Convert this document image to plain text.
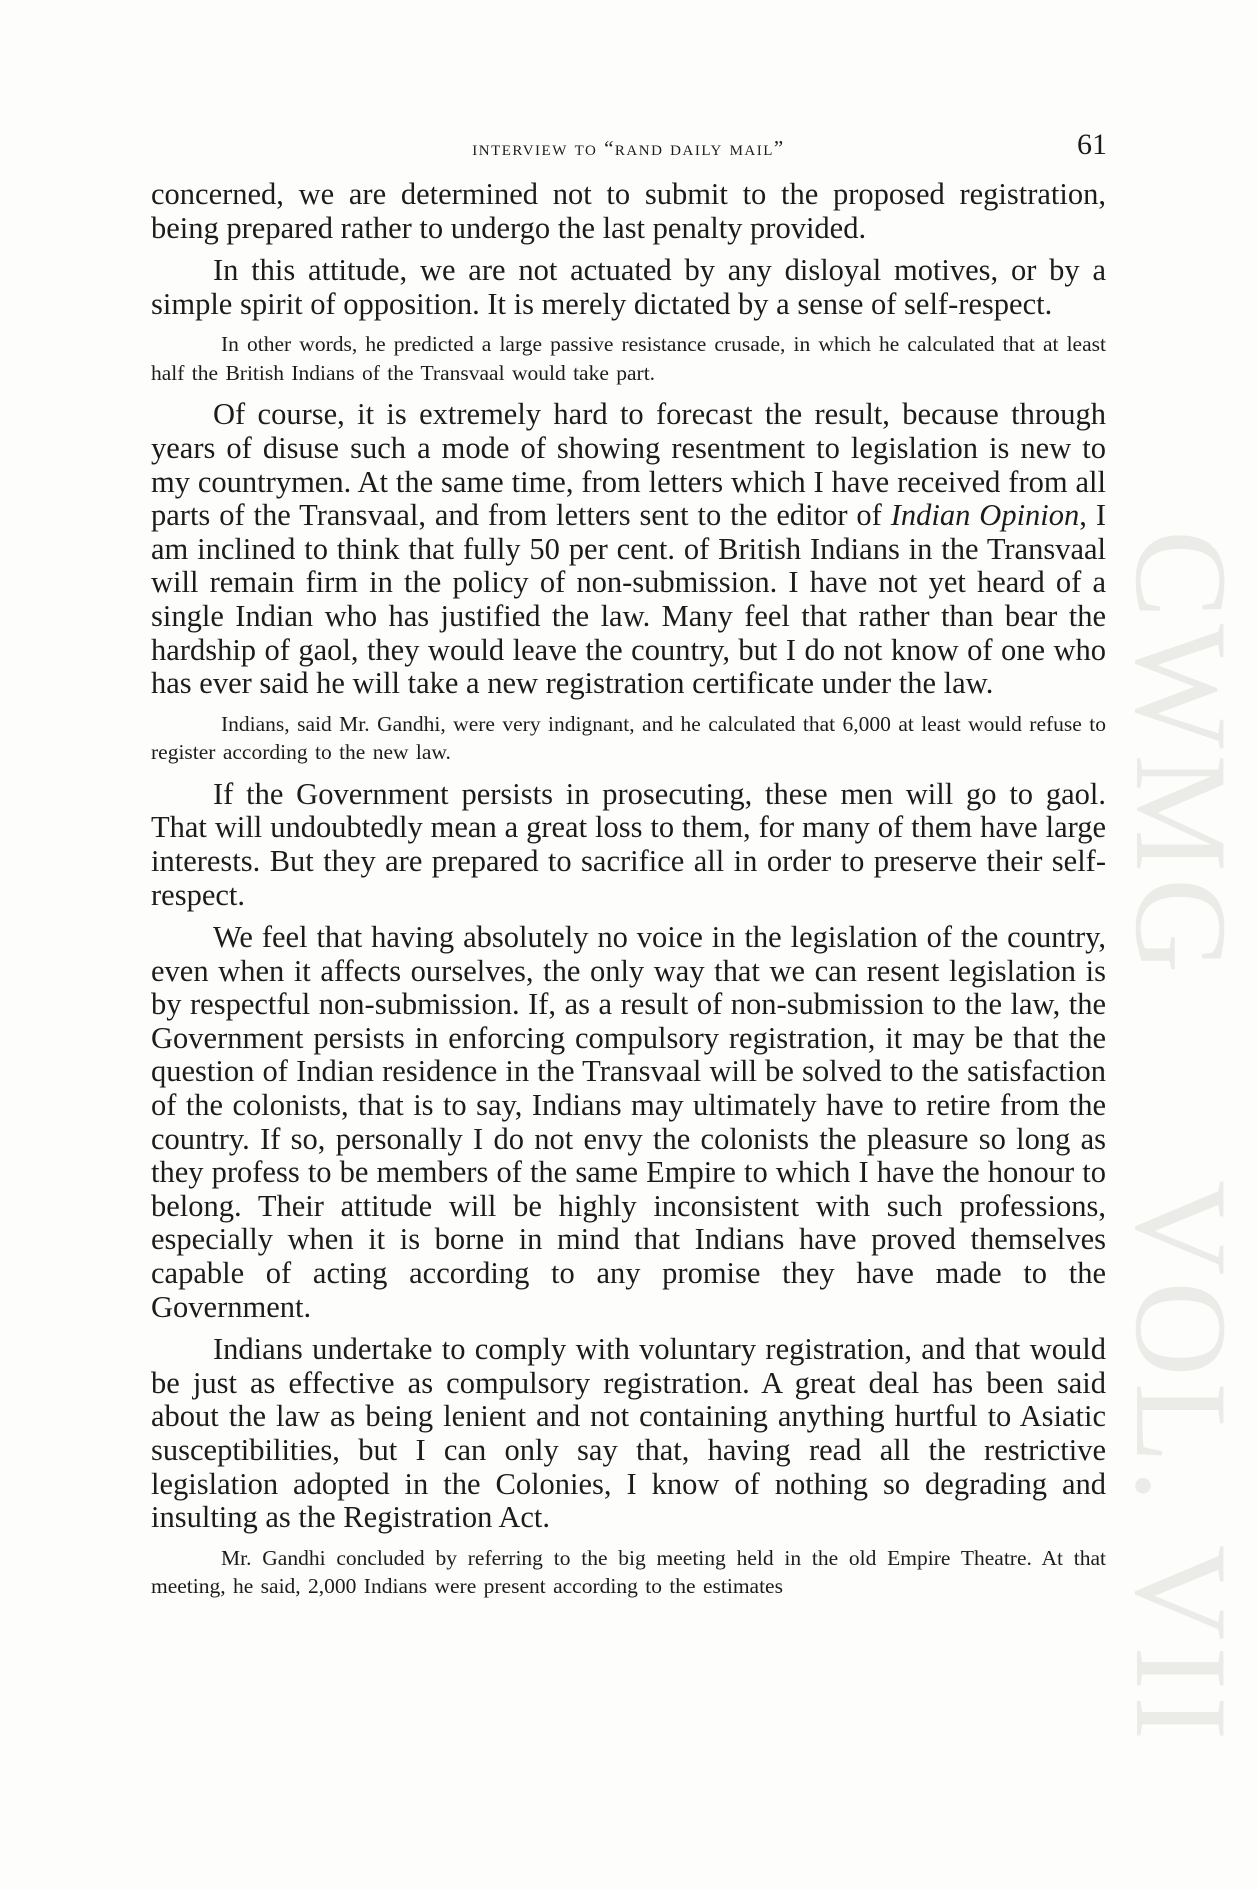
CWMG
VOL. VII
interview to “rand daily mail”	61

concerned, we are determined not to submit to the proposed registration, being prepared rather to undergo the last penalty provided.

In this attitude, we are not actuated by any disloyal motives, or by a simple spirit of opposition. It is merely dictated by a sense of self-respect.

In other words, he predicted a large passive resistance crusade, in which he calculated that at least half the British Indians of the Transvaal would take part.

Of course, it is extremely hard to forecast the result, because through years of disuse such a mode of showing resentment to legislation is new to my countrymen. At the same time, from letters which I have received from all parts of the Transvaal, and from letters sent to the editor of Indian Opinion, I am inclined to think that fully 50 per cent. of British Indians in the Transvaal will remain firm in the policy of non-submission. I have not yet heard of a single Indian who has justified the law. Many feel that rather than bear the hardship of gaol, they would leave the country, but I do not know of one who has ever said he will take a new registration certificate under the law.

Indians, said Mr. Gandhi, were very indignant, and he calculated that 6,000 at least would refuse to register according to the new law.

If the Government persists in prosecuting, these men will go to gaol. That will undoubtedly mean a great loss to them, for many of them have large interests. But they are prepared to sacrifice all in order to preserve their self-respect.

We feel that having absolutely no voice in the legislation of the country, even when it affects ourselves, the only way that we can resent legislation is by respectful non-submission. If, as a result of non-submission to the law, the Government persists in enforcing compulsory registration, it may be that the question of Indian residence in the Transvaal will be solved to the satisfaction of the colonists, that is to say, Indians may ultimately have to retire from the country. If so, personally I do not envy the colonists the pleasure so long as they profess to be members of the same Empire to which I have the honour to belong. Their attitude will be highly inconsistent with such professions, especially when it is borne in mind that Indians have proved themselves capable of acting according to any promise they have made to the Government.

Indians undertake to comply with voluntary registration, and that would be just as effective as compulsory registration. A great deal has been said about the law as being lenient and not containing anything hurtful to Asiatic susceptibilities, but I can only say that, having read all the restrictive legislation adopted in the Colonies, I know of nothing so degrading and insulting as the Registration Act.

Mr. Gandhi concluded by referring to the big meeting held in the old Empire Theatre. At that meeting, he said, 2,000 Indians were present according to the estimates
